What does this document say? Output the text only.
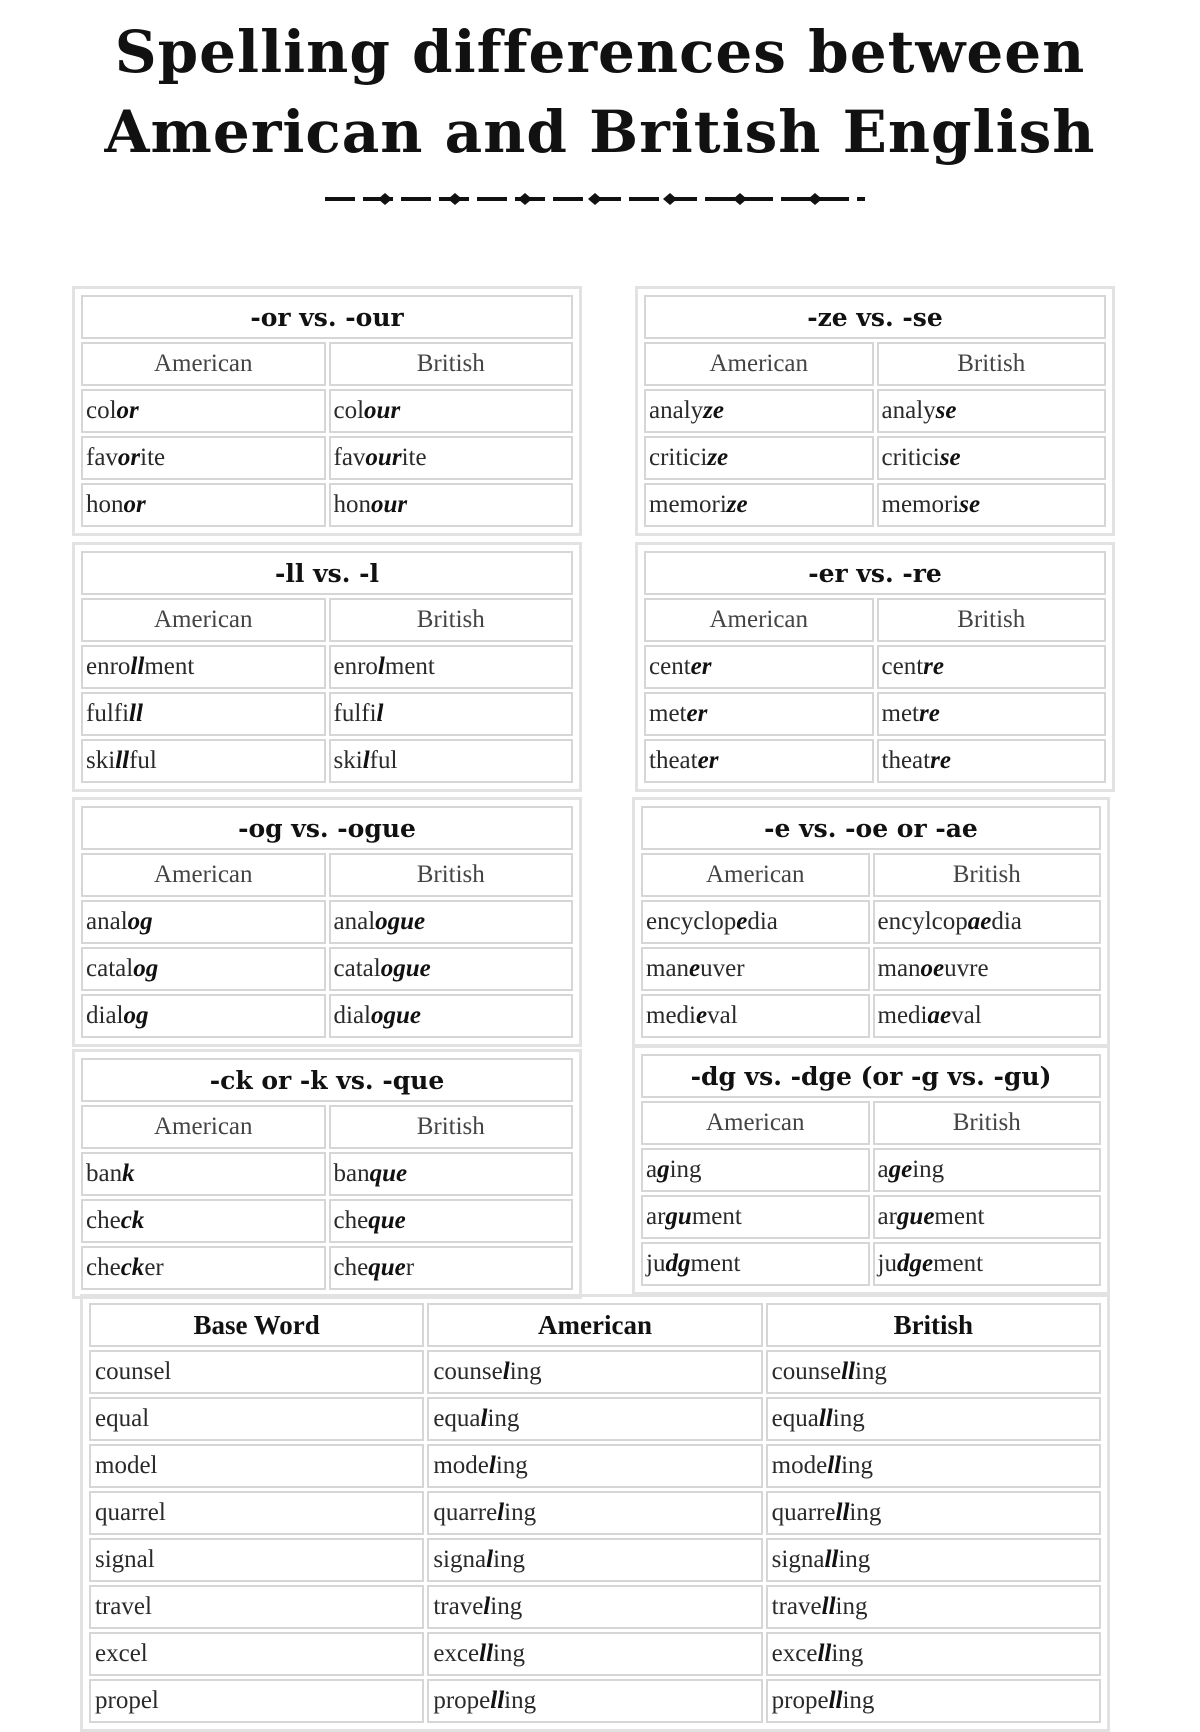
Spelling differences between
American and British English
-or vs. -our	
American	British
color	colour
favorite	favourite
honor	honour
-ze vs. -se	
American	British
analyze	analyse
criticize	criticise
memorize	memorise
-ll vs. -l	
American	British
enrollment	enrolment
fulfill	fulfil
skillful	skilful
-er vs. -re	
American	British
center	centre
meter	metre
theater	theatre
-og vs. -ogue	
American	British
analog	analogue
catalog	catalogue
dialog	dialogue
-e vs. -oe or -ae	
American	British
encyclopedia	encylcopaedia
maneuver	manoeuvre
medieval	mediaeval
-ck or -k vs. -que	
American	British
bank	banque
check	cheque
checker	chequer
-dg vs. -dge (or -g vs. -gu)	
American	British
aging	ageing
argument	arguement
judgment	judgement
Base Word	American	British
counsel	counseling	counselling
equal	equaling	equalling
model	modeling	modelling
quarrel	quarreling	quarrelling
signal	signaling	signalling
travel	traveling	travelling
excel	excelling	excelling
propel	propelling	propelling
